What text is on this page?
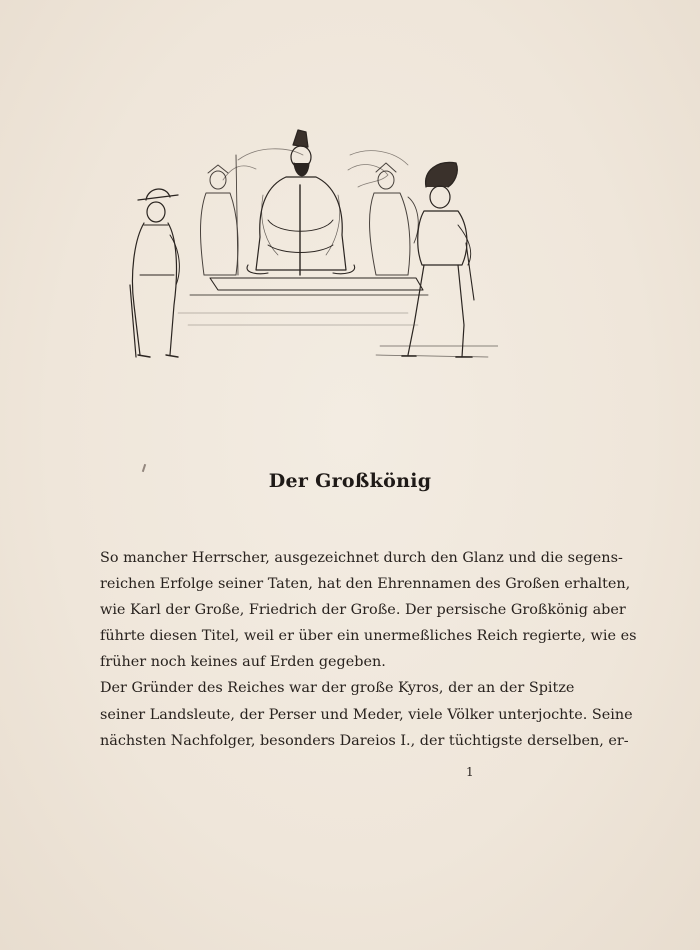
Der Großkönig
So mancher Herrscher, ausgezeichnet durch den Glanz und die segens-
reichen Erfolge seiner Taten, hat den Ehrennamen des Großen erhalten,
wie Karl der Große, Friedrich der Große. Der persische Großkönig aber
führte diesen Titel, weil er über ein unermeßliches Reich regierte, wie es
früher noch keines auf Erden gegeben.
Der Gründer des Reiches war der große Kyros, der an der Spitze
seiner Landsleute, der Perser und Meder, viele Völker unterjochte. Seine
nächsten Nachfolger, besonders Dareios I., der tüchtigste derselben, er-
1
